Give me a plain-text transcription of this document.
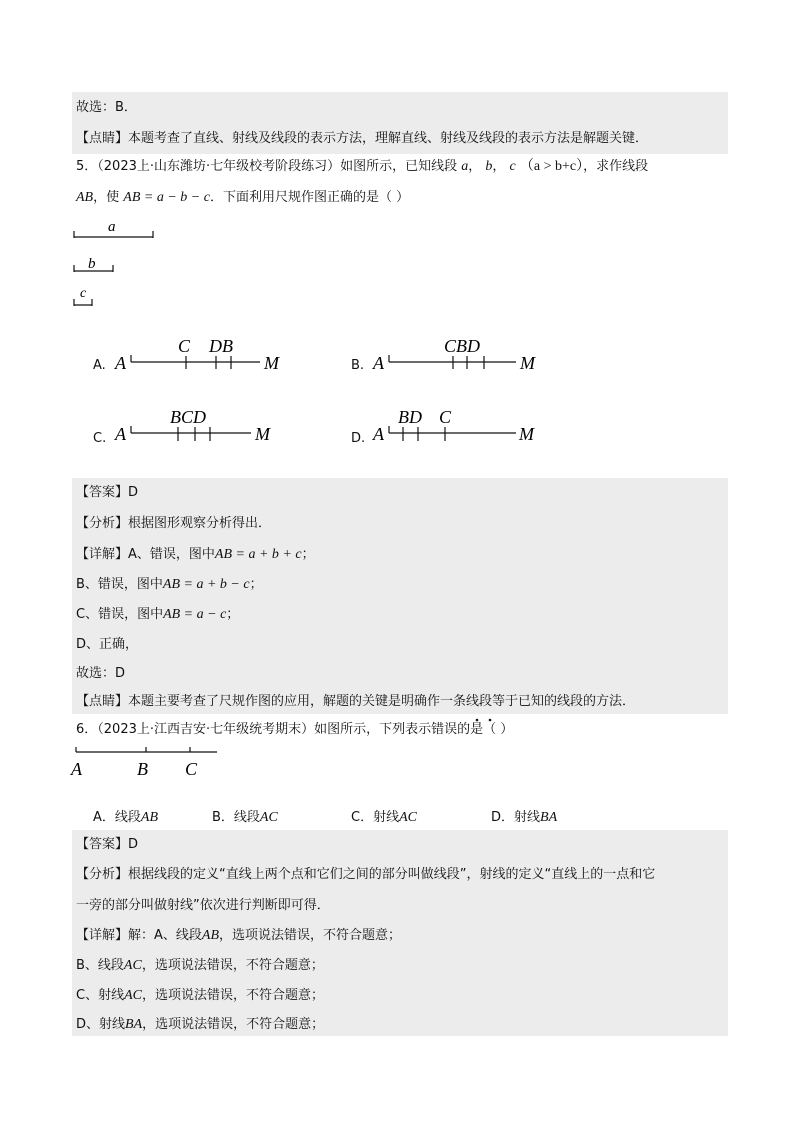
故选：B．
【点睛】本题考查了直线、射线及线段的表示方法，理解直线、射线及线段的表示方法是解题关键．
5．（2023上·山东潍坊·七年级校考阶段练习）如图所示，已知线段 a， b， c （a > b+c），求作线段
AB，使 AB = a − b − c．下面利用尺规作图正确的是（ ）
a
b
c
A
C DB
M	A
CBD
M
A
BCD
M	A
BD C
M
A	B C
A.	B.
C.	D.
【答案】D
【分析】根据图形观察分析得出．
【详解】A、错误，图中AB = a + b + c；
B、错误，图中AB = a + b − c；
C、错误，图中AB = a − c；
D、正确，
故选：D
【点睛】本题主要考查了尺规作图的应用，解题的关键是明确作一条线段等于已知的线段的方法．
6．（2023上·江西吉安·七年级统考期末）如图所示，下列表示错误的是（ ）
A．线段AB	B．线段AC	C．射线AC	D．射线BA
【答案】D
【分析】根据线段的定义“直线上两个点和它们之间的部分叫做线段”，射线的定义“直线上的一点和它
一旁的部分叫做射线”依次进行判断即可得．
【详解】解：A、线段AB，选项说法错误，不符合题意；
B、线段AC，选项说法错误，不符合题意；
C、射线AC，选项说法错误，不符合题意；
D、射线BA，选项说法错误，不符合题意；
